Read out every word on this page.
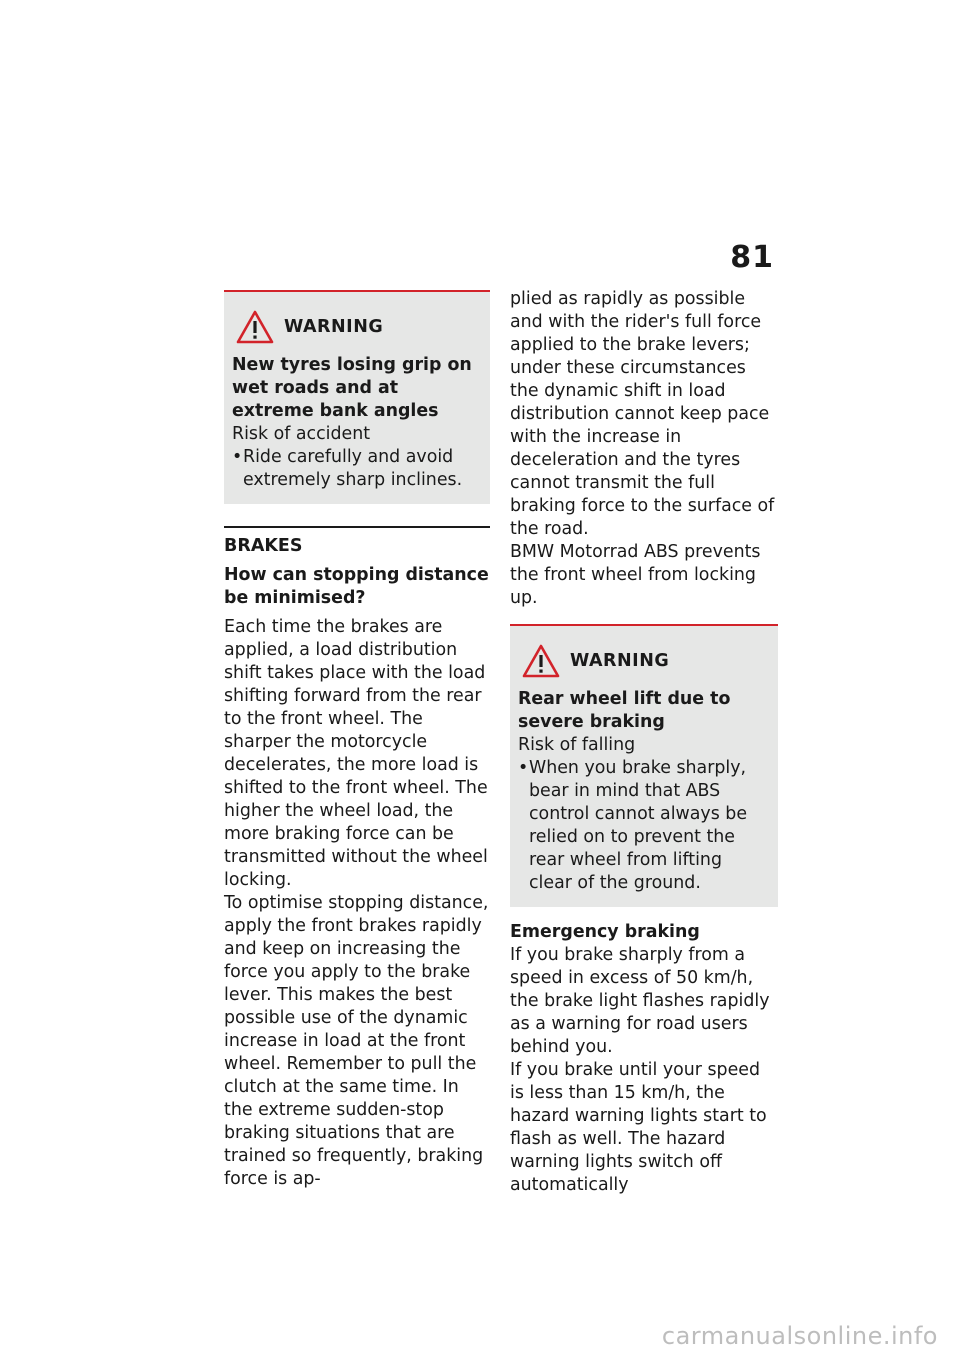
81
WARNING

New tyres losing grip on wet roads and at extreme bank angles

Risk of accident

• Ride carefully and avoid extremely sharp inclines.
BRAKES

How can stopping distance be minimised?

Each time the brakes are applied, a load distribution shift takes place with the load shifting forward from the rear to the front wheel. The sharper the motorcycle decelerates, the more load is shifted to the front wheel. The higher the wheel load, the more braking force can be transmitted without the wheel locking.

To optimise stopping distance, apply the front brakes rapidly and keep on increasing the force you apply to the brake lever. This makes the best possible use of the dynamic increase in load at the front wheel. Remember to pull the clutch at the same time. In the extreme sudden-stop braking situations that are trained so frequently, braking force is ap-

plied as rapidly as possible and with the rider's full force applied to the brake levers; under these circumstances the dynamic shift in load distribution cannot keep pace with the increase in deceleration and the tyres cannot transmit the full braking force to the surface of the road.

BMW Motorrad ABS prevents the front wheel from locking up.

WARNING

Rear wheel lift due to severe braking

Risk of falling

• When you brake sharply, bear in mind that ABS control cannot always be relied on to prevent the rear wheel from lifting clear of the ground.

Emergency braking

If you brake sharply from a speed in excess of 50 km/h, the brake light flashes rapidly as a warning for road users behind you.

If you brake until your speed is less than 15 km/h, the hazard warning lights start to flash as well. The hazard warning lights switch off automatically

carmanualsonline.info
